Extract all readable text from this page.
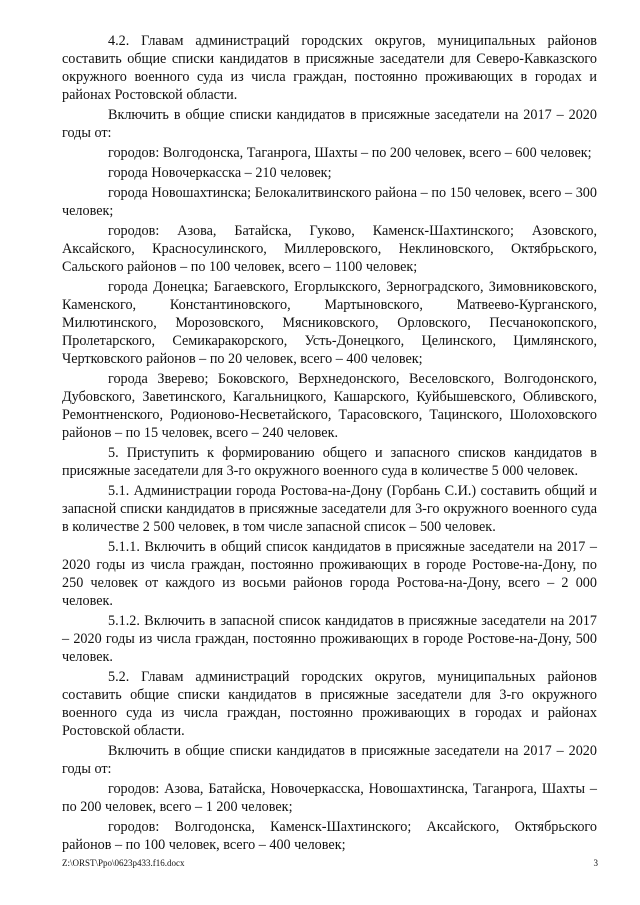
4.2. Главам администраций городских округов, муниципальных районов составить общие списки кандидатов в присяжные заседатели для Северо-Кавказского окружного военного суда из числа граждан, постоянно проживающих в городах и районах Ростовской области.

Включить в общие списки кандидатов в присяжные заседатели на 2017 – 2020 годы от:

городов: Волгодонска, Таганрога, Шахты – по 200 человек, всего – 600 человек;

города Новочеркасска – 210 человек;

города Новошахтинска; Белокалитвинского района – по 150 человек, всего – 300 человек;

городов: Азова, Батайска, Гуково, Каменск-Шахтинского; Азовского, Аксайского, Красносулинского, Миллеровского, Неклиновского, Октябрьского, Сальского районов – по 100 человек, всего – 1100 человек;

города Донецка; Багаевского, Егорлыкского, Зерноградского, Зимовниковского, Каменского, Константиновского, Мартыновского, Матвеево-Курганского, Милютинского, Морозовского, Мясниковского, Орловского, Песчанокопского, Пролетарского, Семикаракорского, Усть-Донецкого, Целинского, Цимлянского, Чертковского районов – по 20 человек, всего – 400 человек;

города Зверево; Боковского, Верхнедонского, Веселовского, Волгодонского, Дубовского, Заветинского, Кагальницкого, Кашарского, Куйбышевского, Обливского, Ремонтненского, Родионово-Несветайского, Тарасовского, Тацинского, Шолоховского районов – по 15 человек, всего – 240 человек.

5. Приступить к формированию общего и запасного списков кандидатов в присяжные заседатели для 3-го окружного военного суда в количестве 5 000 человек.

5.1. Администрации города Ростова-на-Дону (Горбань С.И.) составить общий и запасной списки кандидатов в присяжные заседатели для 3-го окружного военного суда в количестве 2 500 человек, в том числе запасной список – 500 человек.

5.1.1. Включить в общий список кандидатов в присяжные заседатели на 2017 – 2020 годы из числа граждан, постоянно проживающих в городе Ростове-на-Дону, по 250 человек от каждого из восьми районов города Ростова-на-Дону, всего – 2 000 человек.

5.1.2. Включить в запасной список кандидатов в присяжные заседатели на 2017 – 2020 годы из числа граждан, постоянно проживающих в городе Ростове-на-Дону, 500 человек.

5.2. Главам администраций городских округов, муниципальных районов составить общие списки кандидатов в присяжные заседатели для 3-го окружного военного суда из числа граждан, постоянно проживающих в городах и районах Ростовской области.

Включить в общие списки кандидатов в присяжные заседатели на 2017 – 2020 годы от:

городов: Азова, Батайска, Новочеркасска, Новошахтинска, Таганрога, Шахты – по 200 человек, всего – 1 200 человек;

городов: Волгодонска, Каменск-Шахтинского; Аксайского, Октябрьского районов – по 100 человек, всего – 400 человек;

Z:\ORST\Ppo\0623p433.f16.docx	3
